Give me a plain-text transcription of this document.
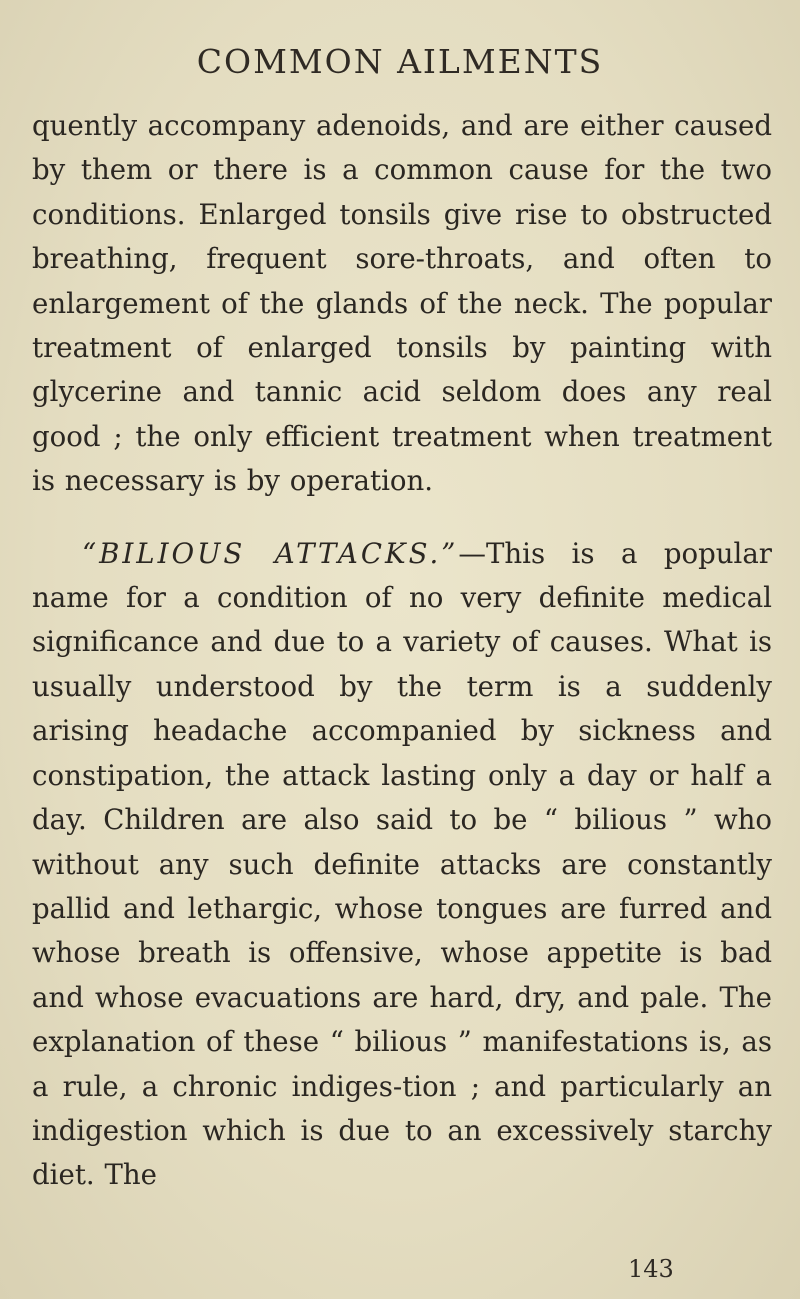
COMMON AILMENTS

quently accompany adenoids, and are either caused by them or there is a common cause for the two conditions. Enlarged tonsils give rise to obstructed breathing, frequent sore-throats, and often to enlargement of the glands of the neck. The popular treatment of enlarged tonsils by painting with glycerine and tannic acid seldom does any real good ; the only efficient treatment when treatment is necessary is by operation.

“BILIOUS ATTACKS.”—This is a popular name for a condition of no very definite medical significance and due to a variety of causes. What is usually understood by the term is a suddenly arising headache accompanied by sickness and constipation, the attack lasting only a day or half a day. Children are also said to be “ bilious ” who without any such definite attacks are constantly pallid and lethargic, whose tongues are furred and whose breath is offensive, whose appetite is bad and whose evacuations are hard, dry, and pale. The explanation of these “ bilious ” manifestations is, as a rule, a chronic indiges-tion ; and particularly an indigestion which is due to an excessively starchy diet. The

143
